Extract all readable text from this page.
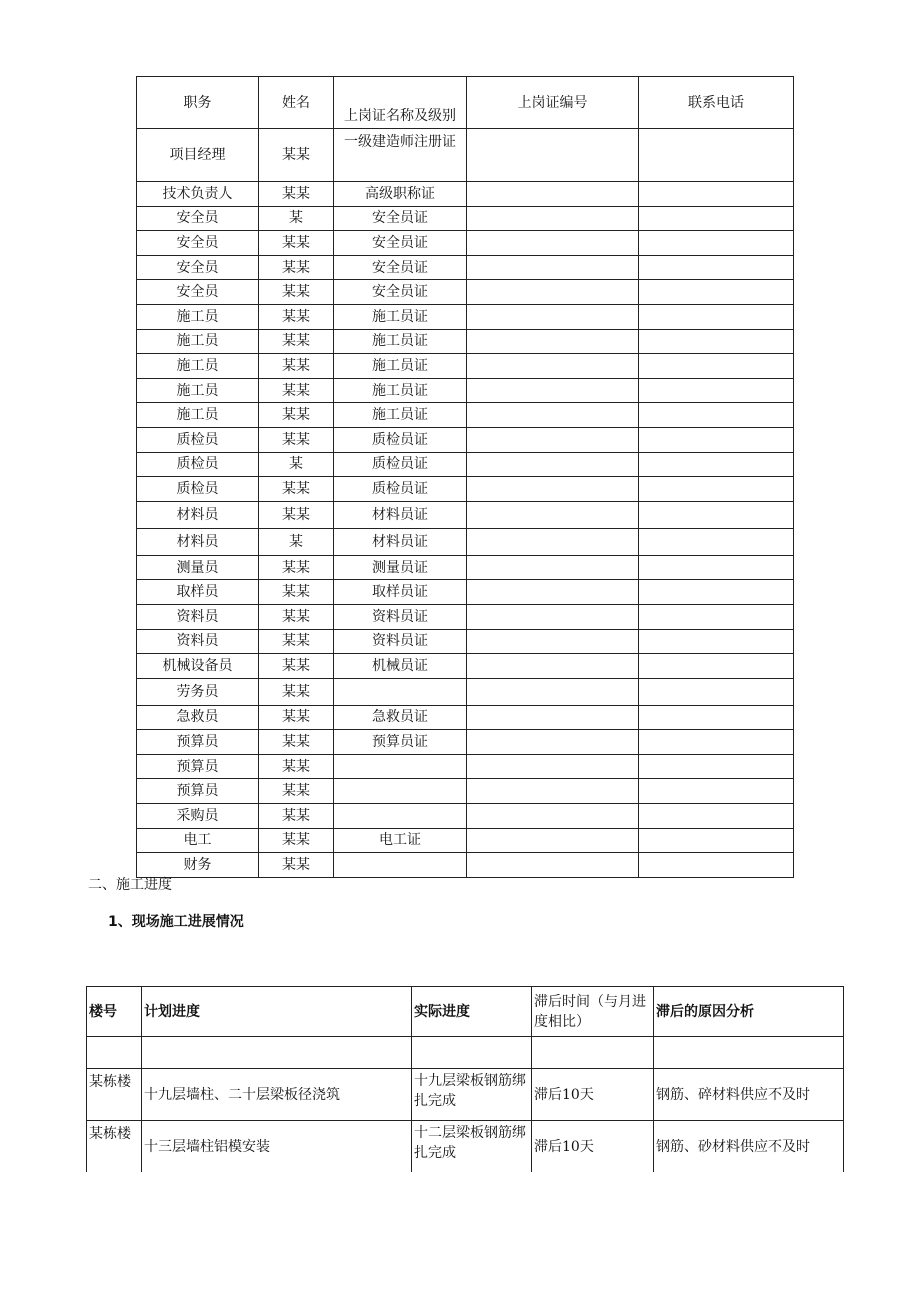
职务	姓名	上岗证名称及级别	上岗证编号	联系电话
项目经理	某某	一级建造师注册证		
技术负责人	某某	高级职称证		
安全员	某	安全员证		
安全员	某某	安全员证		
安全员	某某	安全员证		
安全员	某某	安全员证		
施工员	某某	施工员证		
施工员	某某	施工员证		
施工员	某某	施工员证		
施工员	某某	施工员证		
施工员	某某	施工员证		
质检员	某某	质检员证		
质检员	某	质检员证		
质检员	某某	质检员证		
材料员	某某	材料员证		
材料员	某	材料员证		
测量员	某某	测量员证		
取样员	某某	取样员证		
资料员	某某	资料员证		
资料员	某某	资料员证		
机械设备员	某某	机械员证		
劳务员	某某			
急救员	某某	急救员证		
预算员	某某	预算员证		
预算员	某某			
预算员	某某			
采购员	某某			
电工	某某	电工证		
财务	某某			
二、施工进度
1、现场施工进展情况
楼号	计划进度	实际进度	滞后时间（与月进度相比）	滞后的原因分析

某栋楼	十九层墙柱、二十层梁板径浇筑	十九层梁板钢筋绑扎完成	滞后10天	钢筋、碎材料供应不及时
某栋楼	十三层墙柱铝模安装	十二层梁板钢筋绑扎完成	滞后10天	钢筋、砂材料供应不及时
